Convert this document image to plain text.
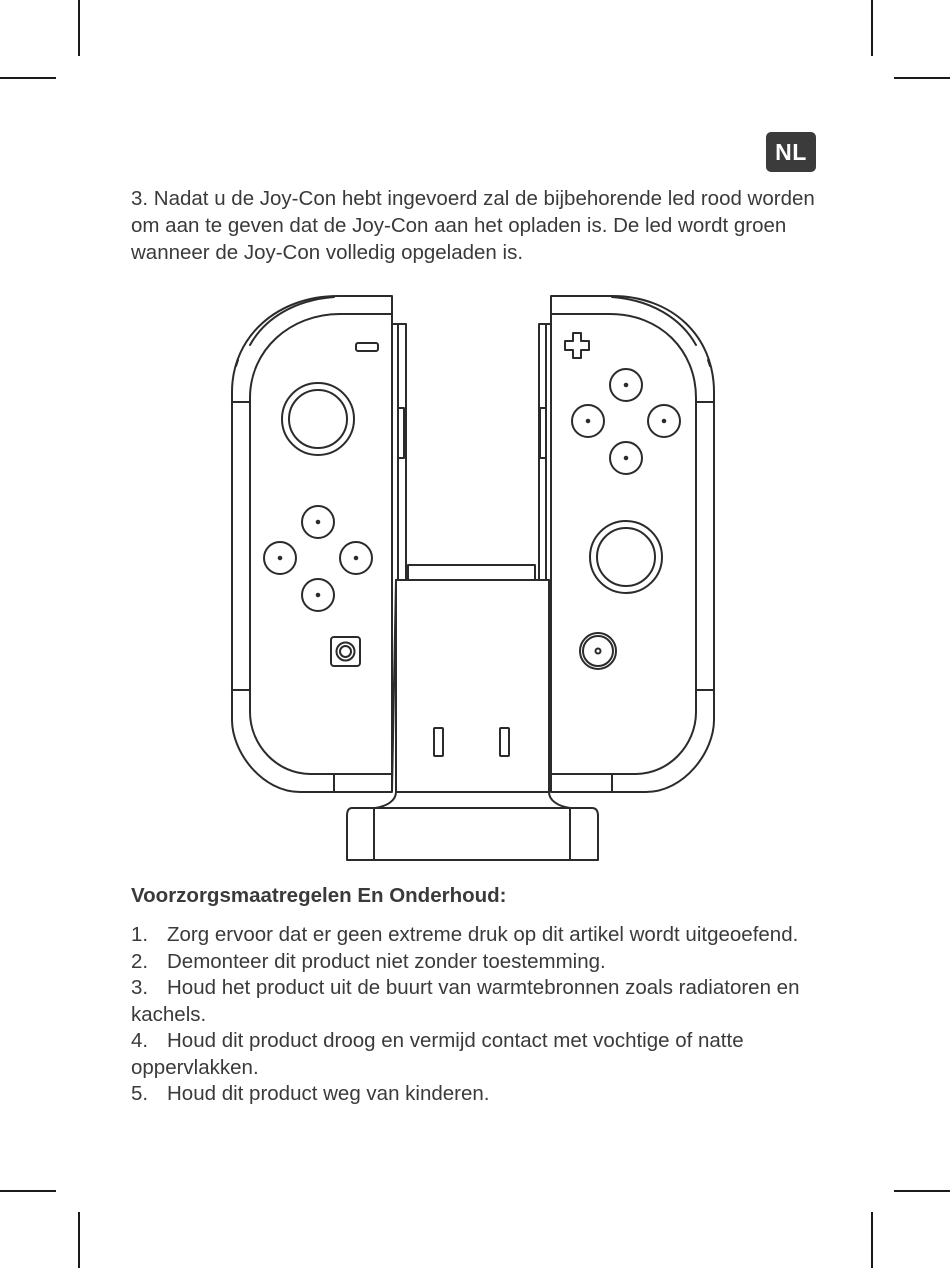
NL

3. Nadat u de Joy-Con hebt ingevoerd zal de bijbehorende led rood worden om aan te geven dat de Joy-Con aan het opladen is. De led wordt groen wanneer de Joy-Con volledig opgeladen is.

Voorzorgsmaatregelen En Onderhoud:
1. Zorg ervoor dat er geen extreme druk op dit artikel wordt uitgeoefend.
2. Demonteer dit product niet zonder toestemming.
3. Houd het product uit de buurt van warmtebronnen zoals radiatoren en kachels.
4. Houd dit product droog en vermijd contact met vochtige of natte oppervlakken.
5. Houd dit product weg van kinderen.
